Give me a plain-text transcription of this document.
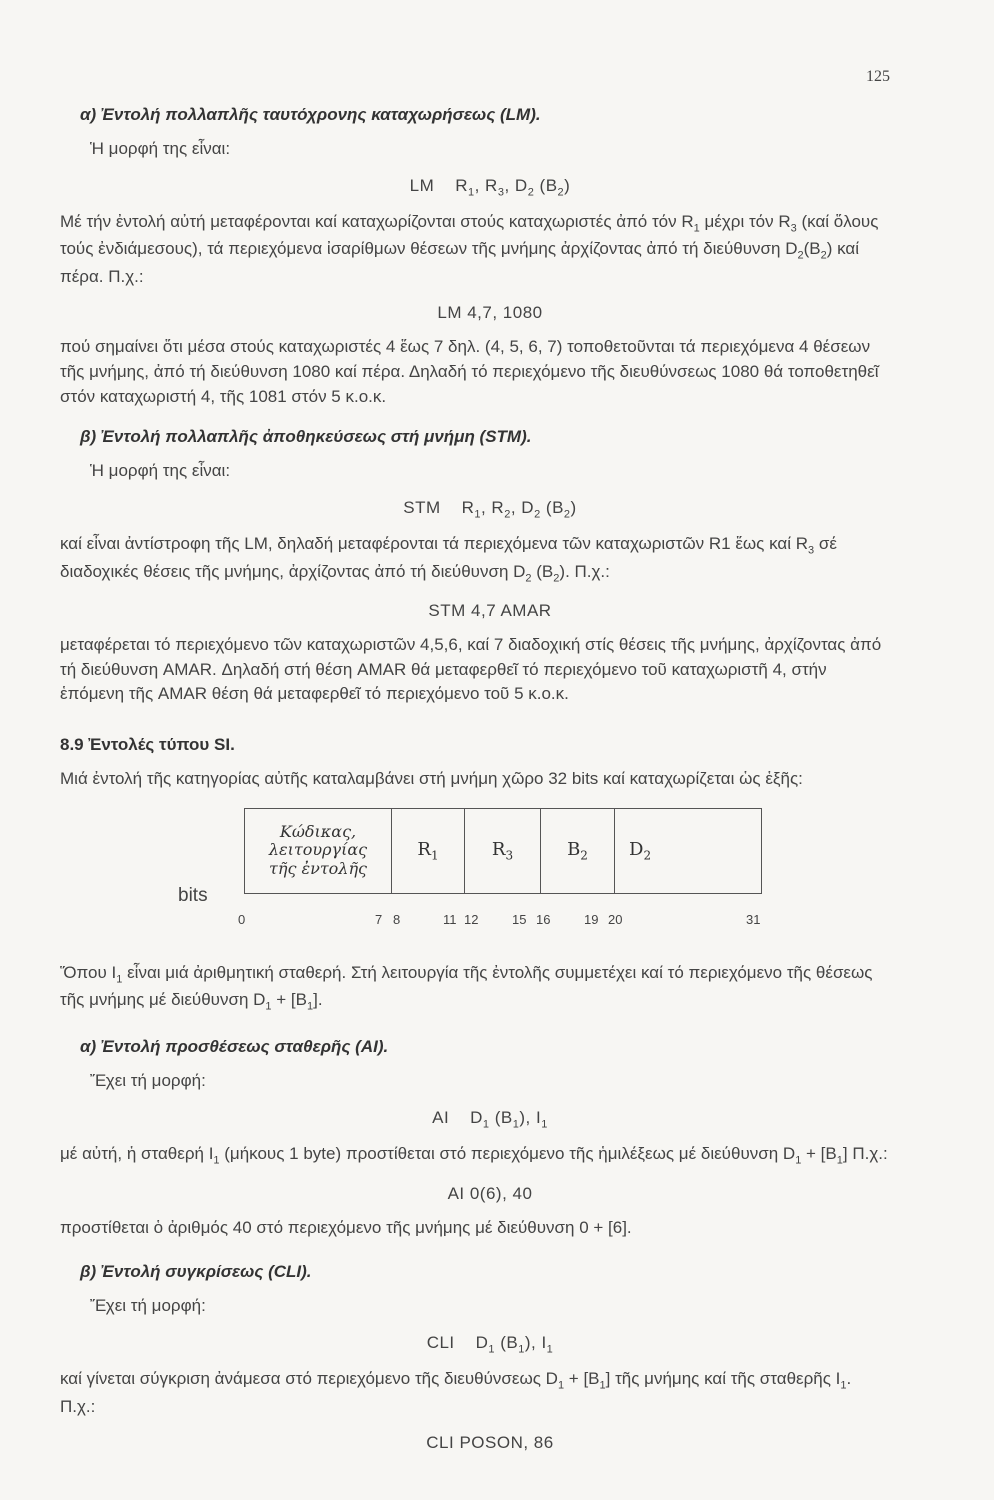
125
α) Ἐντολή πολλαπλῆς ταυτόχρονης καταχωρήσεως (LM).

Ἡ μορφή της εἶναι:

LM $R_1$, $R_3$, $D_2$ $(B_2)$

Μέ τήν ἐντολή αὐτή μεταφέρονται καί καταχωρίζονται στούς καταχωριστές ἀπό τόν $R_1$ μέχρι τόν $R_3$ (καί ὅλους τούς ἐνδιάμεσους), τά περιεχόμενα ἰσαρίθμων θέσεων τῆς μνήμης ἀρχίζοντας ἀπό τή διεύθυνση $D_2(B_2)$ καί πέρα. Π.χ.:

LM 4,7, 1080

πού σημαίνει ὅτι μέσα στούς καταχωριστές 4 ἕως 7 δηλ. (4, 5, 6, 7) τοποθετοῦνται τά περιεχόμενα 4 θέσεων τῆς μνήμης, ἀπό τή διεύθυνση 1080 καί πέρα. Δηλαδή τό περιεχόμενο τῆς διευθύνσεως 1080 θά τοποθετηθεῖ στόν καταχωριστή 4, τῆς 1081 στόν 5 κ.ο.κ.

β) Ἐντολή πολλαπλῆς ἀποθηκεύσεως στή μνήμη (STM).

Ἡ μορφή της εἶναι:

STM $R_1$, $R_2$, $D_2$ $(B_2)$

καί εἶναι ἀντίστροφη τῆς LM, δηλαδή μεταφέρονται τά περιεχόμενα τῶν καταχωριστῶν R1 ἕως καί $R_3$ σέ διαδοχικές θέσεις τῆς μνήμης, ἀρχίζοντας ἀπό τή διεύθυνση $D_2$ $(B_2)$. Π.χ.:

STM 4,7 AMAR

μεταφέρεται τό περιεχόμενο τῶν καταχωριστῶν 4,5,6, καί 7 διαδοχική στίς θέσεις τῆς μνήμης, ἀρχίζοντας ἀπό τή διεύθυνση AMAR. Δηλαδή στή θέση AMAR θά μεταφερθεῖ τό περιεχόμενο τοῦ καταχωριστῆ 4, στήν ἑπόμενη τῆς AMAR θέση θά μεταφερθεῖ τό περιεχόμενο τοῦ 5 κ.ο.κ.

8.9 Ἐντολές τύπου SI.

Μιά ἐντολή τῆς κατηγορίας αὐτῆς καταλαμβάνει στή μνήμη χῶρο 32 bits καί καταχωρίζεται ὡς ἑξῆς:

bits
Κώδικας,
λειτουργίας
τῆς ἐντολῆς	$R_1$	$R_3$	$B_2$	$D_2$
0	7 8	11 12	15 16	19 20	31

Ὅπου $I_1$ εἶναι μιά ἀριθμητική σταθερή. Στή λειτουργία τῆς ἐντολῆς συμμετέχει καί τό περιεχόμενο τῆς θέσεως τῆς μνήμης μέ διεύθυνση $D_1 + [B_1]$.

α) Ἐντολή προσθέσεως σταθερῆς (AI).

Ἔχει τή μορφή:

AI $D_1$ $(B_1)$, $I_1$

μέ αὐτή, ἡ σταθερή $I_1$ (μήκους 1 byte) προστίθεται στό περιεχόμενο τῆς ἡμιλέξεως μέ διεύθυνση $D_1 + [B_1]$ Π.χ.:

AI 0(6), 40

προστίθεται ὁ ἀριθμός 40 στό περιεχόμενο τῆς μνήμης μέ διεύθυνση 0 + [6].

β) Ἐντολή συγκρίσεως (CLI).

Ἔχει τή μορφή:

CLI $D_1$ $(B_1)$, $I_1$

καί γίνεται σύγκριση ἀνάμεσα στό περιεχόμενο τῆς διευθύνσεως $D_1 + [B_1]$ τῆς μνήμης καί τῆς σταθερῆς $I_1$. Π.χ.:

CLI POSON, 86
